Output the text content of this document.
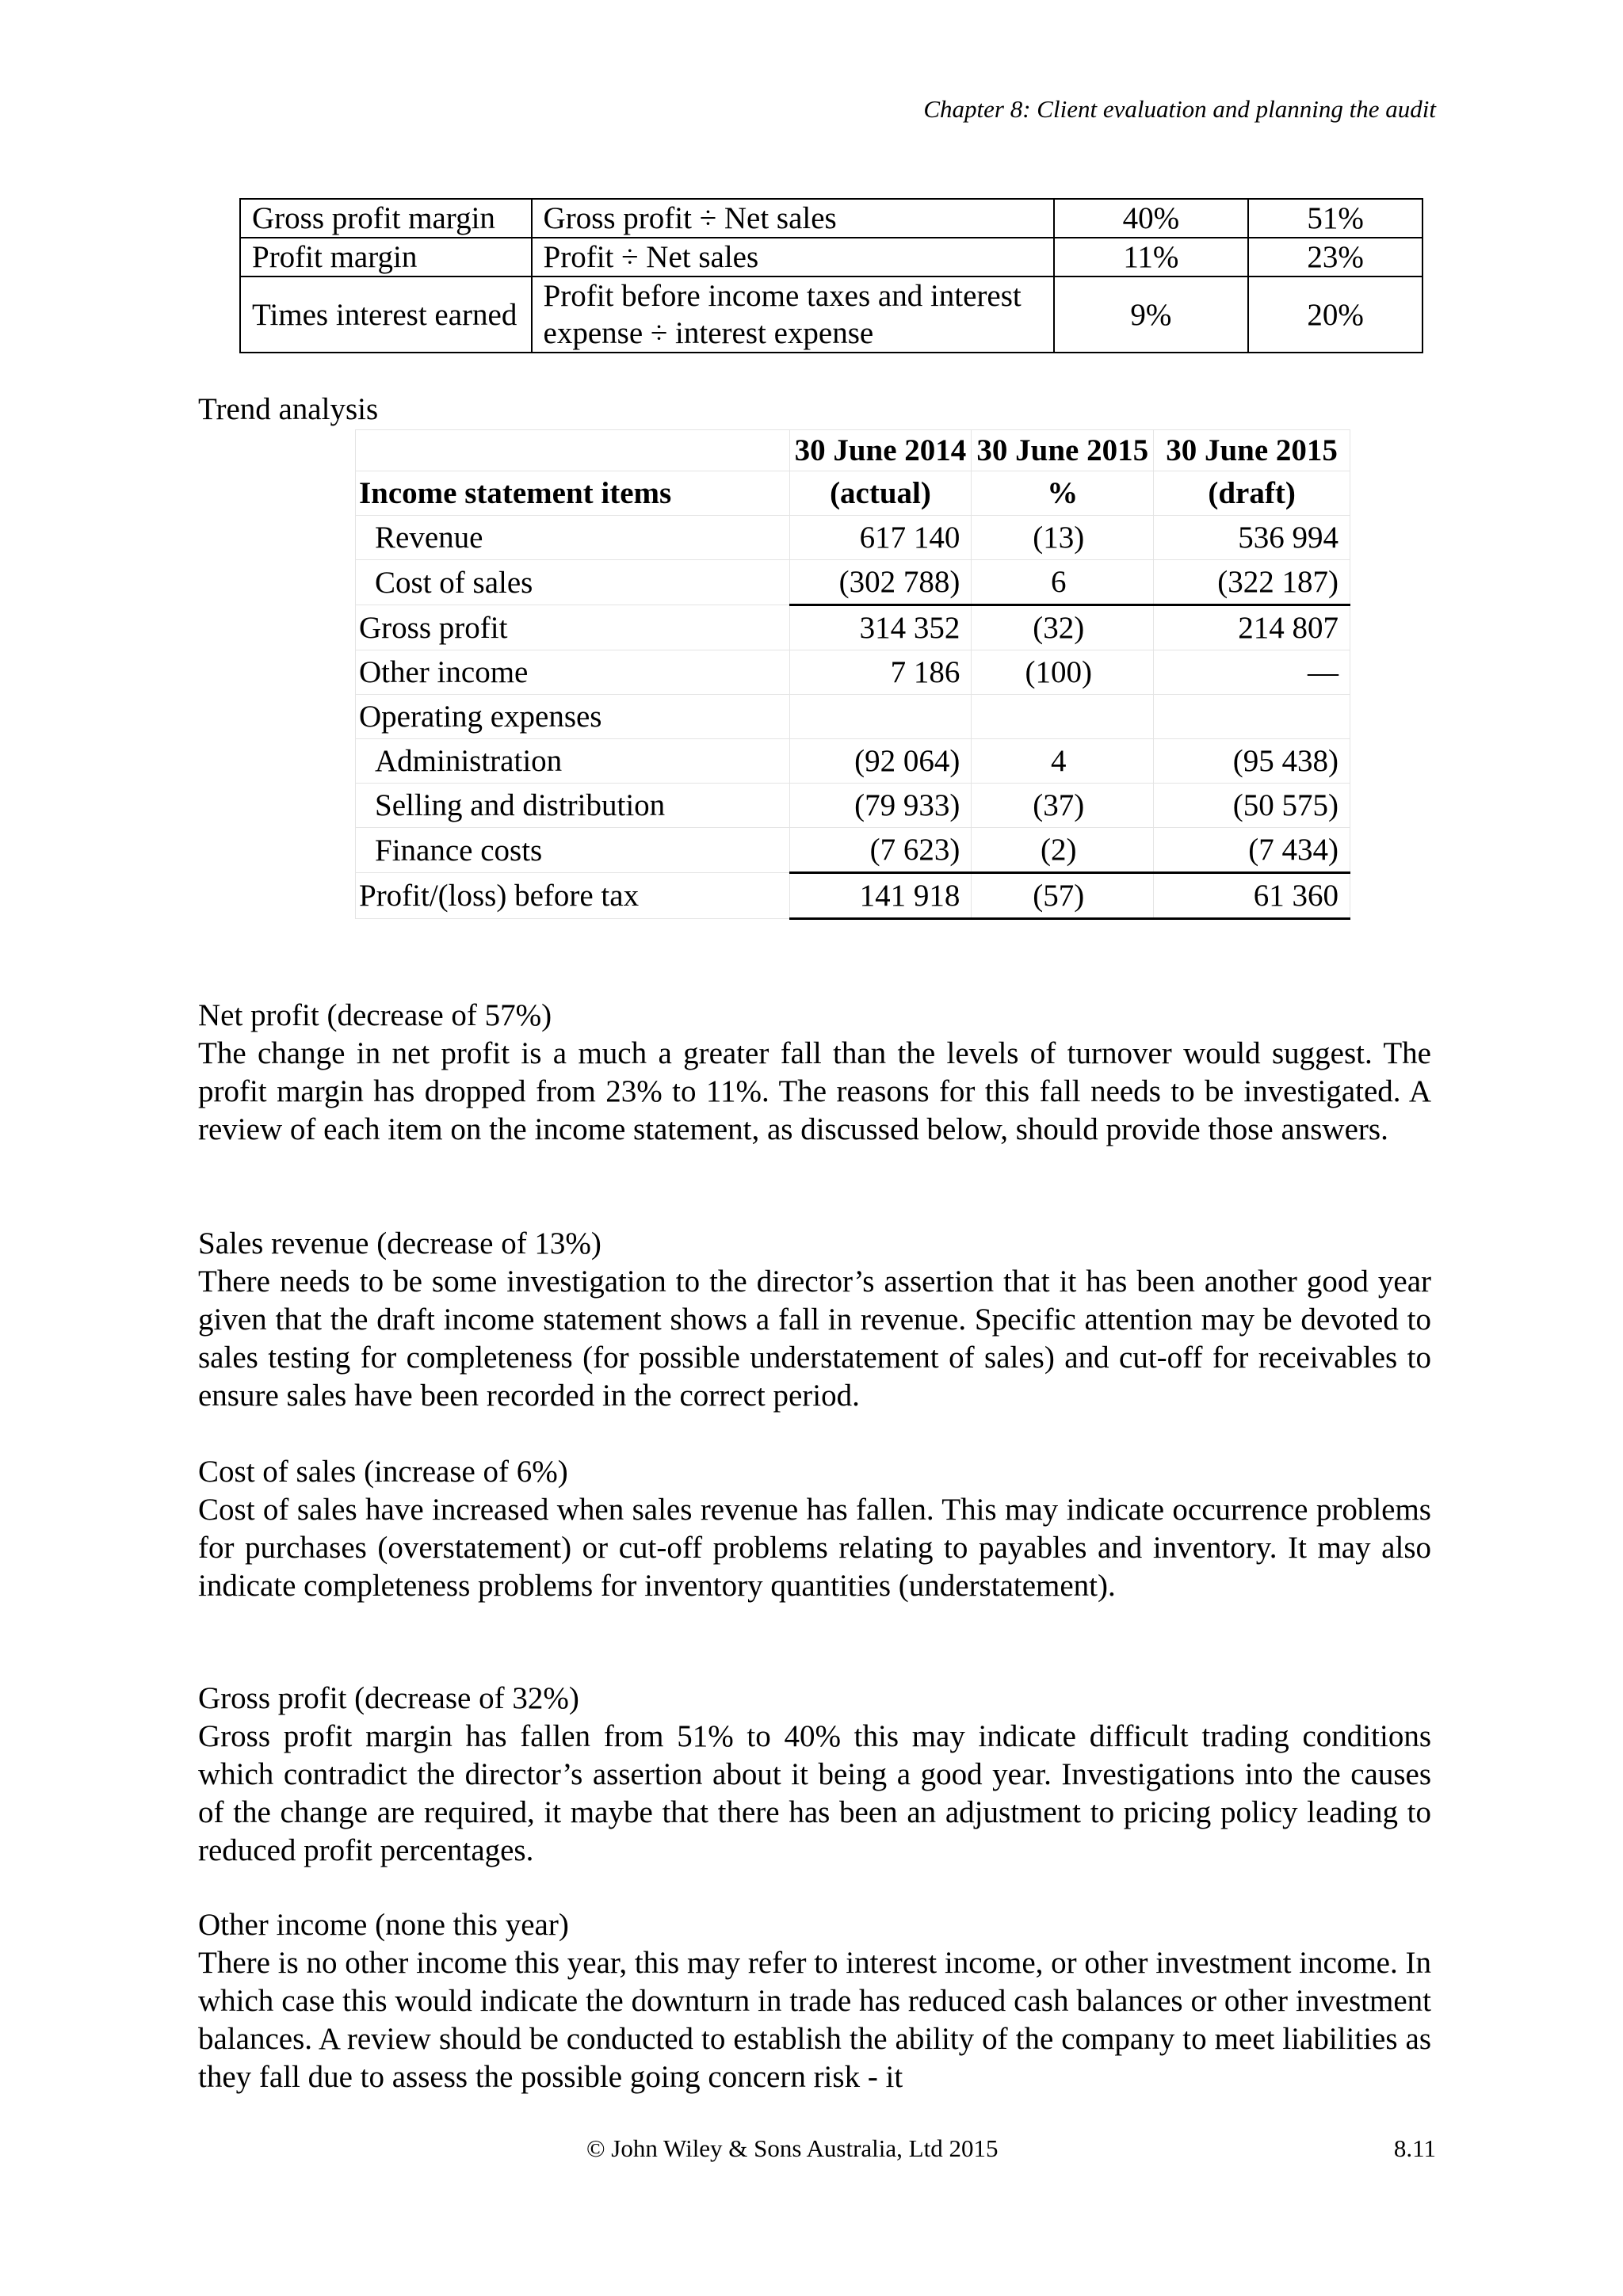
Chapter 8: Client evaluation and planning the audit
Gross profit margin	Gross profit ÷ Net sales	40%	51%
Profit margin	Profit ÷ Net sales	11%	23%
Times interest earned	Profit before income taxes and interest expense ÷ interest expense	9%	20%
Trend analysis
	30 June 2014	30 June 2015	30 June 2015
Income statement items	(actual)	%	(draft)
Revenue	617 140	(13)	536 994
Cost of sales	(302 788)	6	(322 187)
Gross profit	314 352	(32)	214 807
Other income	7 186	(100)	—
Operating expenses			
Administration	(92 064)	4	(95 438)
Selling and distribution	(79 933)	(37)	(50 575)
Finance costs	(7 623)	(2)	(7 434)
Profit/(loss) before tax	141 918	(57)	61 360

Net profit (decrease of 57%)

The change in net profit is a much a greater fall than the levels of turnover would suggest. The profit margin has dropped from 23% to 11%. The reasons for this fall needs to be investigated. A review of each item on the income statement, as discussed below, should provide those answers.

Sales revenue (decrease of 13%)

There needs to be some investigation to the director’s assertion that it has been another good year given that the draft income statement shows a fall in revenue. Specific attention may be devoted to sales testing for completeness (for possible understatement of sales) and cut-off for receivables to ensure sales have been recorded in the correct period.

Cost of sales (increase of 6%)

Cost of sales have increased when sales revenue has fallen. This may indicate occurrence problems for purchases (overstatement) or cut-off problems relating to payables and inventory. It may also indicate completeness problems for inventory quantities (understatement).

Gross profit (decrease of 32%)

Gross profit margin has fallen from 51% to 40% this may indicate difficult trading conditions which contradict the director’s assertion about it being a good year. Investigations into the causes of the change are required, it maybe that there has been an adjustment to pricing policy leading to reduced profit percentages.

Other income (none this year)

There is no other income this year, this may refer to interest income, or other investment income. In which case this would indicate the downturn in trade has reduced cash balances or other investment balances. A review should be conducted to establish the ability of the company to meet liabilities as they fall due to assess the possible going concern risk - it

© John Wiley & Sons Australia, Ltd 2015	8.11
